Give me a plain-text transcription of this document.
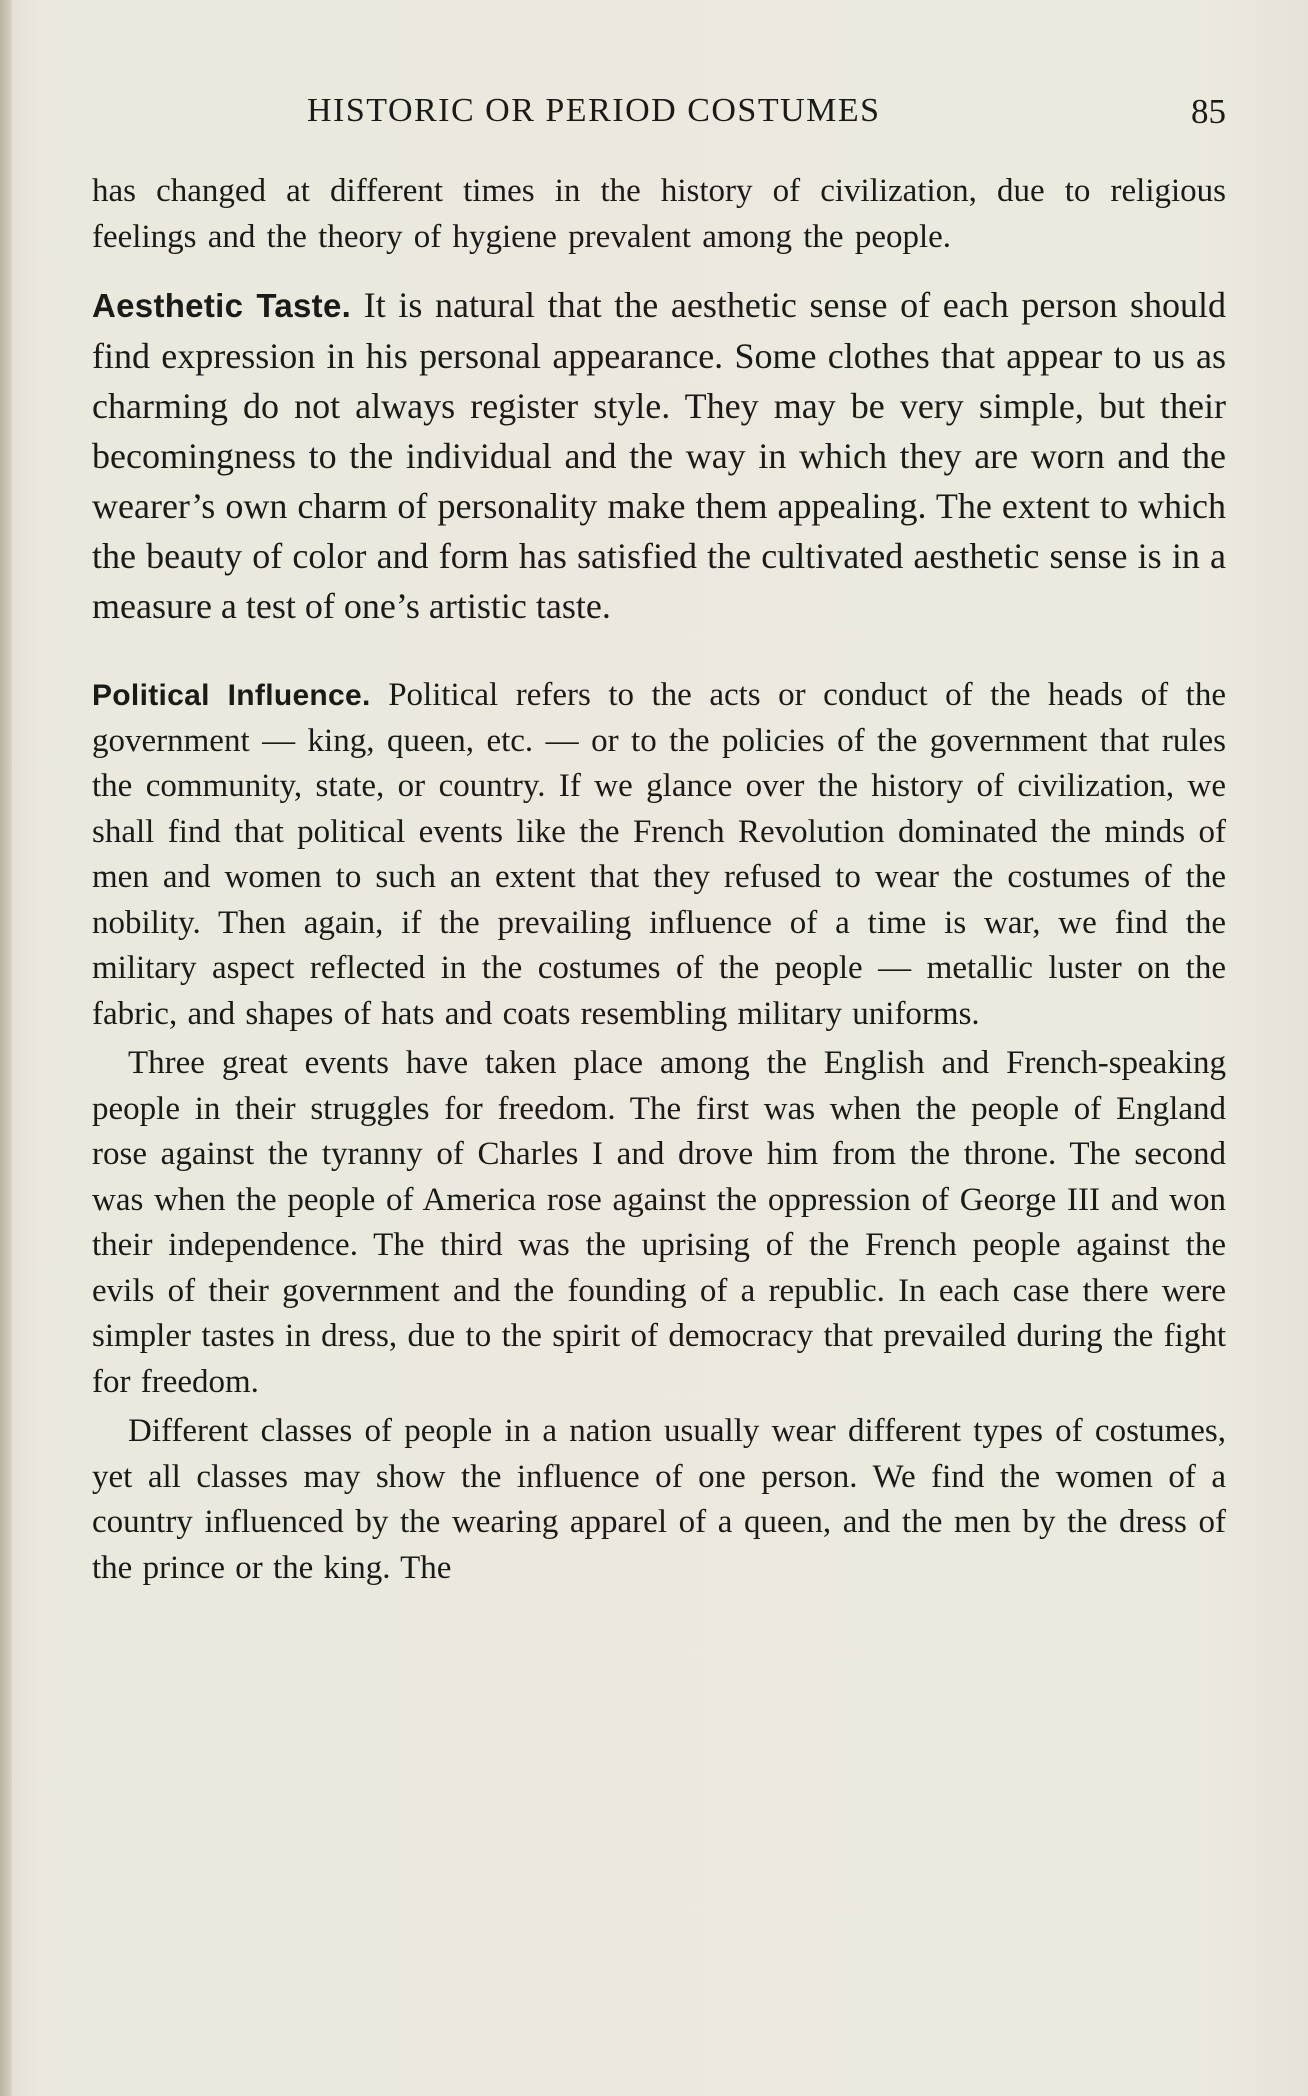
HISTORIC OR PERIOD COSTUMES	85

has changed at different times in the history of civilization, due to religious feelings and the theory of hygiene prevalent among the people.

Aesthetic Taste. It is natural that the aesthetic sense of each person should find expression in his personal appearance. Some clothes that appear to us as charming do not always register style. They may be very simple, but their becomingness to the individual and the way in which they are worn and the wearer’s own charm of personality make them appealing. The extent to which the beauty of color and form has satisfied the cultivated aesthetic sense is in a measure a test of one’s artistic taste.

Political Influence. Political refers to the acts or conduct of the heads of the government — king, queen, etc. — or to the policies of the government that rules the community, state, or country. If we glance over the history of civilization, we shall find that political events like the French Revolution dominated the minds of men and women to such an extent that they refused to wear the costumes of the nobility. Then again, if the prevailing influence of a time is war, we find the military aspect reflected in the costumes of the people — metallic luster on the fabric, and shapes of hats and coats resembling military uniforms.

Three great events have taken place among the English and French-speaking people in their struggles for freedom. The first was when the people of England rose against the tyranny of Charles I and drove him from the throne. The second was when the people of America rose against the oppression of George III and won their independence. The third was the uprising of the French people against the evils of their government and the founding of a republic. In each case there were simpler tastes in dress, due to the spirit of democracy that prevailed during the fight for freedom.

Different classes of people in a nation usually wear different types of costumes, yet all classes may show the influence of one person. We find the women of a country influenced by the wearing apparel of a queen, and the men by the dress of the prince or the king. The
